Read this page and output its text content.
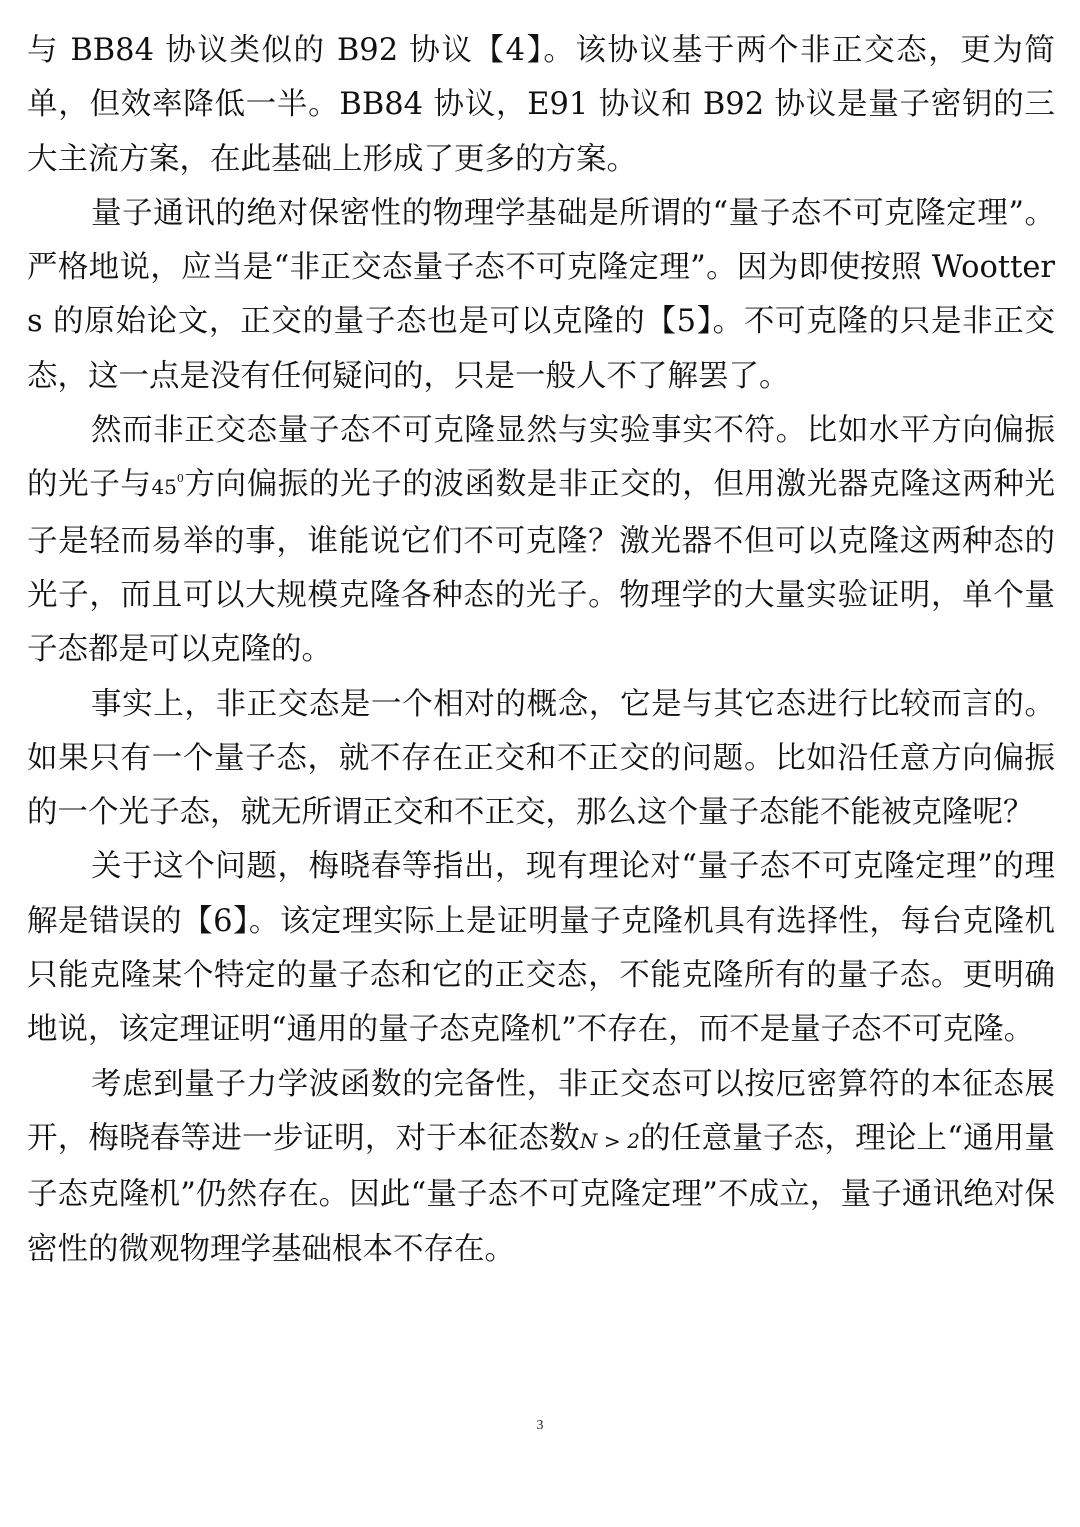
与 BB84 协议类似的 B92 协议【4】。该协议基于两个非正交态，更为简单，但效率降低一半。BB84 协议，E91 协议和 B92 协议是量子密钥的三大主流方案，在此基础上形成了更多的方案。

量子通讯的绝对保密性的物理学基础是所谓的“量子态不可克隆定理”。严格地说，应当是“非正交态量子态不可克隆定理”。因为即使按照 Wootters 的原始论文，正交的量子态也是可以克隆的【5】。不可克隆的只是非正交态，这一点是没有任何疑问的，只是一般人不了解罢了。

然而非正交态量子态不可克隆显然与实验事实不符。比如水平方向偏振的光子与$45^0$方向偏振的光子的波函数是非正交的，但用激光器克隆这两种光子是轻而易举的事，谁能说它们不可克隆？激光器不但可以克隆这两种态的光子，而且可以大规模克隆各种态的光子。物理学的大量实验证明，单个量子态都是可以克隆的。

事实上，非正交态是一个相对的概念，它是与其它态进行比较而言的。如果只有一个量子态，就不存在正交和不正交的问题。比如沿任意方向偏振的一个光子态，就无所谓正交和不正交，那么这个量子态能不能被克隆呢？

关于这个问题，梅晓春等指出，现有理论对“量子态不可克隆定理”的理解是错误的【6】。该定理实际上是证明量子克隆机具有选择性，每台克隆机只能克隆某个特定的量子态和它的正交态，不能克隆所有的量子态。更明确地说，该定理证明“通用的量子态克隆机”不存在，而不是量子态不可克隆。

考虑到量子力学波函数的完备性，非正交态可以按厄密算符的本征态展开，梅晓春等进一步证明，对于本征态数N > 2的任意量子态，理论上“通用量子态克隆机”仍然存在。因此“量子态不可克隆定理”不成立，量子通讯绝对保密性的微观物理学基础根本不存在。

3
